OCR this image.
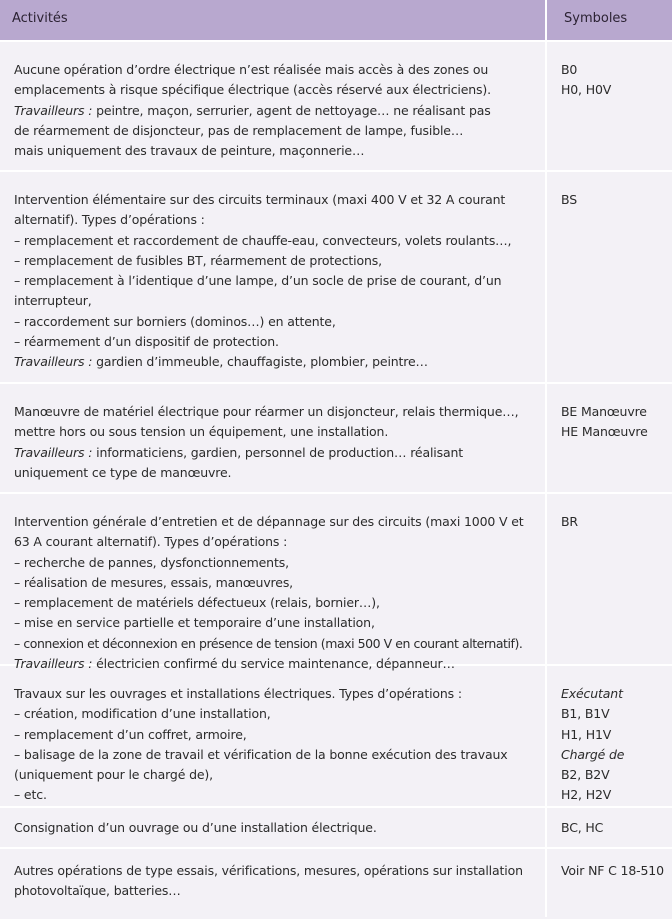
Activités	Symboles
Aucune opération d’ordre électrique n’est réalisée mais accès à des zones ou
emplacements à risque spécifique électrique (accès réservé aux électriciens).
Travailleurs : peintre, maçon, serrurier, agent de nettoyage… ne réalisant pas
de réarmement de disjoncteur, pas de remplacement de lampe, fusible…
mais uniquement des travaux de peinture, maçonnerie…
B0
H0, H0V
Intervention élémentaire sur des circuits terminaux (maxi 400 V et 32 A courant
alternatif). Types d’opérations :
– remplacement et raccordement de chauffe-eau, convecteurs, volets roulants…,
– remplacement de fusibles BT, réarmement de protections,
– remplacement à l’identique d’une lampe, d’un socle de prise de courant, d’un
interrupteur,
– raccordement sur borniers (dominos…) en attente,
– réarmement d’un dispositif de protection.
Travailleurs : gardien d’immeuble, chauffagiste, plombier, peintre…
BS
Manœuvre de matériel électrique pour réarmer un disjoncteur, relais thermique…,
mettre hors ou sous tension un équipement, une installation.
Travailleurs : informaticiens, gardien, personnel de production… réalisant
uniquement ce type de manœuvre.
BE Manœuvre
HE Manœuvre
Intervention générale d’entretien et de dépannage sur des circuits (maxi 1000 V et
63 A courant alternatif). Types d’opérations :
– recherche de pannes, dysfonctionnements,
– réalisation de mesures, essais, manœuvres,
– remplacement de matériels défectueux (relais, bornier…),
– mise en service partielle et temporaire d’une installation,
– connexion et déconnexion en présence de tension (maxi 500 V en courant alternatif).
Travailleurs : électricien confirmé du service maintenance, dépanneur…
BR
Travaux sur les ouvrages et installations électriques. Types d’opérations :
– création, modification d’une installation,
– remplacement d’un coffret, armoire,
– balisage de la zone de travail et vérification de la bonne exécution des travaux
(uniquement pour le chargé de),
– etc.
Exécutant
B1, B1V
H1, H1V
Chargé de
B2, B2V
H2, H2V
Consignation d’un ouvrage ou d’une installation électrique.	BC, HC
Autres opérations de type essais, vérifications, mesures, opérations sur installation
photovoltaïque, batteries…
Voir NF C 18-510
